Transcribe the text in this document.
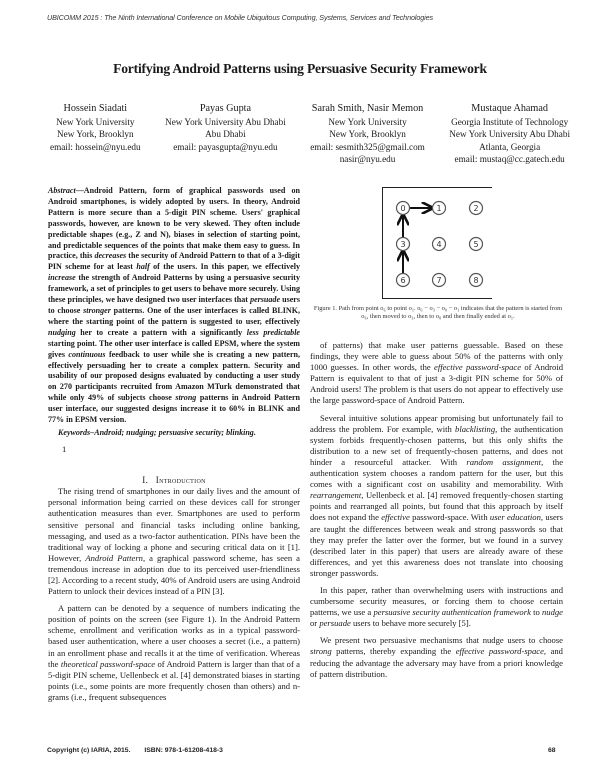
UBICOMM 2015 : The Ninth International Conference on Mobile Ubiquitous Computing, Systems, Services and Technologies
Fortifying Android Patterns using Persuasive Security Framework
Hossein Siadati
New York University
New York, Brooklyn
email: hossein@nyu.edu
Payas Gupta
New York University Abu Dhabi
Abu Dhabi
email: payasgupta@nyu.edu
Sarah Smith, Nasir Memon
New York University
New York, Brooklyn
email: sesmith325@gmail.com
nasir@nyu.edu
Mustaque Ahamad
Georgia Institute of Technology
New York University Abu Dhabi
Atlanta, Georgia
email: mustaq@cc.gatech.edu
Abstract—Android Pattern, form of graphical passwords used on Android smartphones, is widely adopted by users. In theory, Android Pattern is more secure than a 5-digit PIN scheme. Users' graphical passwords, however, are known to be very skewed. They often include predictable shapes (e.g., Z and N), biases in selection of starting point, and predictable sequences of the points that make them easy to guess. In practice, this decreases the security of Android Pattern to that of a 3-digit PIN scheme for at least half of the users. In this paper, we effectively increase the strength of Android Patterns by using a persuasive security framework, a set of principles to get users to behave more securely. Using these principles, we have designed two user interfaces that persuade users to choose stronger patterns. One of the user interfaces is called BLINK, where the starting point of the pattern is suggested to user, effectively nudging her to create a pattern with a significantly less predictable starting point. The other user interface is called EPSM, where the system gives continuous feedback to user while she is creating a new pattern, effectively persuading her to create a complex pattern. Security and usability of our proposed designs evaluated by conducting a user study on 270 participants recruited from Amazon MTurk demonstrated that while only 49% of subjects choose strong patterns in Android Pattern user interface, our suggested designs increase it to 60% in BLINK and 77% in EPSM version.
Keywords–Android; nudging; persuasive security; blinking.
1
I. Introduction

The rising trend of smartphones in our daily lives and the amount of personal information being carried on these devices call for stronger authentication measures than ever. Smartphones are used to perform sensitive personal and financial tasks including online banking, messaging, and used as a two-factor authentication. PINs have been the traditional way of locking a phone and securing critical data on it [1]. However, Android Pattern, a graphical password scheme, has seen a tremendous increase in adoption due to its perceived user-friendliness [2]. According to a recent study, 40% of Android users are using Android Pattern to unlock their devices instead of a PIN [3].

A pattern can be denoted by a sequence of numbers indicating the position of points on the screen (see Figure 1). In the Android Pattern scheme, enrollment and verification works as in a typical password-based user authentication, where a user chooses a secret (i.e., a pattern) in an enrollment phase and recalls it at the time of verification. Whereas the theoretical password-space of Android Pattern is larger than that of a 5-digit PIN scheme, Uellenbeck et al. [4] demonstrated biases in starting points (i.e., some points are more frequently chosen than others) and n-grams (i.e., frequent subsequences

0	1	2
3	4	5
6	7	8
Figure 1. Path from point o₆ to point o₁. o₆ − o₃ − o₀ − o₁ indicates that the pattern is started from o₆, then moved to o₃, then to o₀ and then finally ended at o₁.

of patterns) that make user patterns guessable. Based on these findings, they were able to guess about 50% of the patterns with only 1000 guesses. In other words, the effective password-space of Android Pattern is equivalent to that of just a 3-digit PIN scheme for 50% of Android users! The problem is that users do not appear to effectively use the large password-space of Android Pattern.

Several intuitive solutions appear promising but unfortunately fail to address the problem. For example, with blacklisting, the authentication system forbids frequently-chosen patterns, but this only shifts the distribution to a new set of frequently-chosen patterns, and does not hinder a resourceful attacker. With random assignment, the authentication system chooses a random pattern for the user, but this comes with a significant cost on usability and memorability. With rearrangement, Uellenbeck et al. [4] removed frequently-chosen starting points and rearranged all points, but found that this approach by itself does not expand the effective password-space. With user education, users are taught the differences between weak and strong passwords so that they may prefer the latter over the former, but we found in a survey (described later in this paper) that users are already aware of these differences, and yet this awareness does not translate into choosing stronger passwords.

In this paper, rather than overwhelming users with instructions and cumbersome security measures, or forcing them to choose certain patterns, we use a persuasive security authentication framework to nudge or persuade users to behave more securely [5].

We present two persuasive mechanisms that nudge users to choose strong patterns, thereby expanding the effective password-space, and reducing the advantage the adversary may have from a priori knowledge of pattern distribution.

Copyright (c) IARIA, 2015. ISBN: 978-1-61208-418-3	68
